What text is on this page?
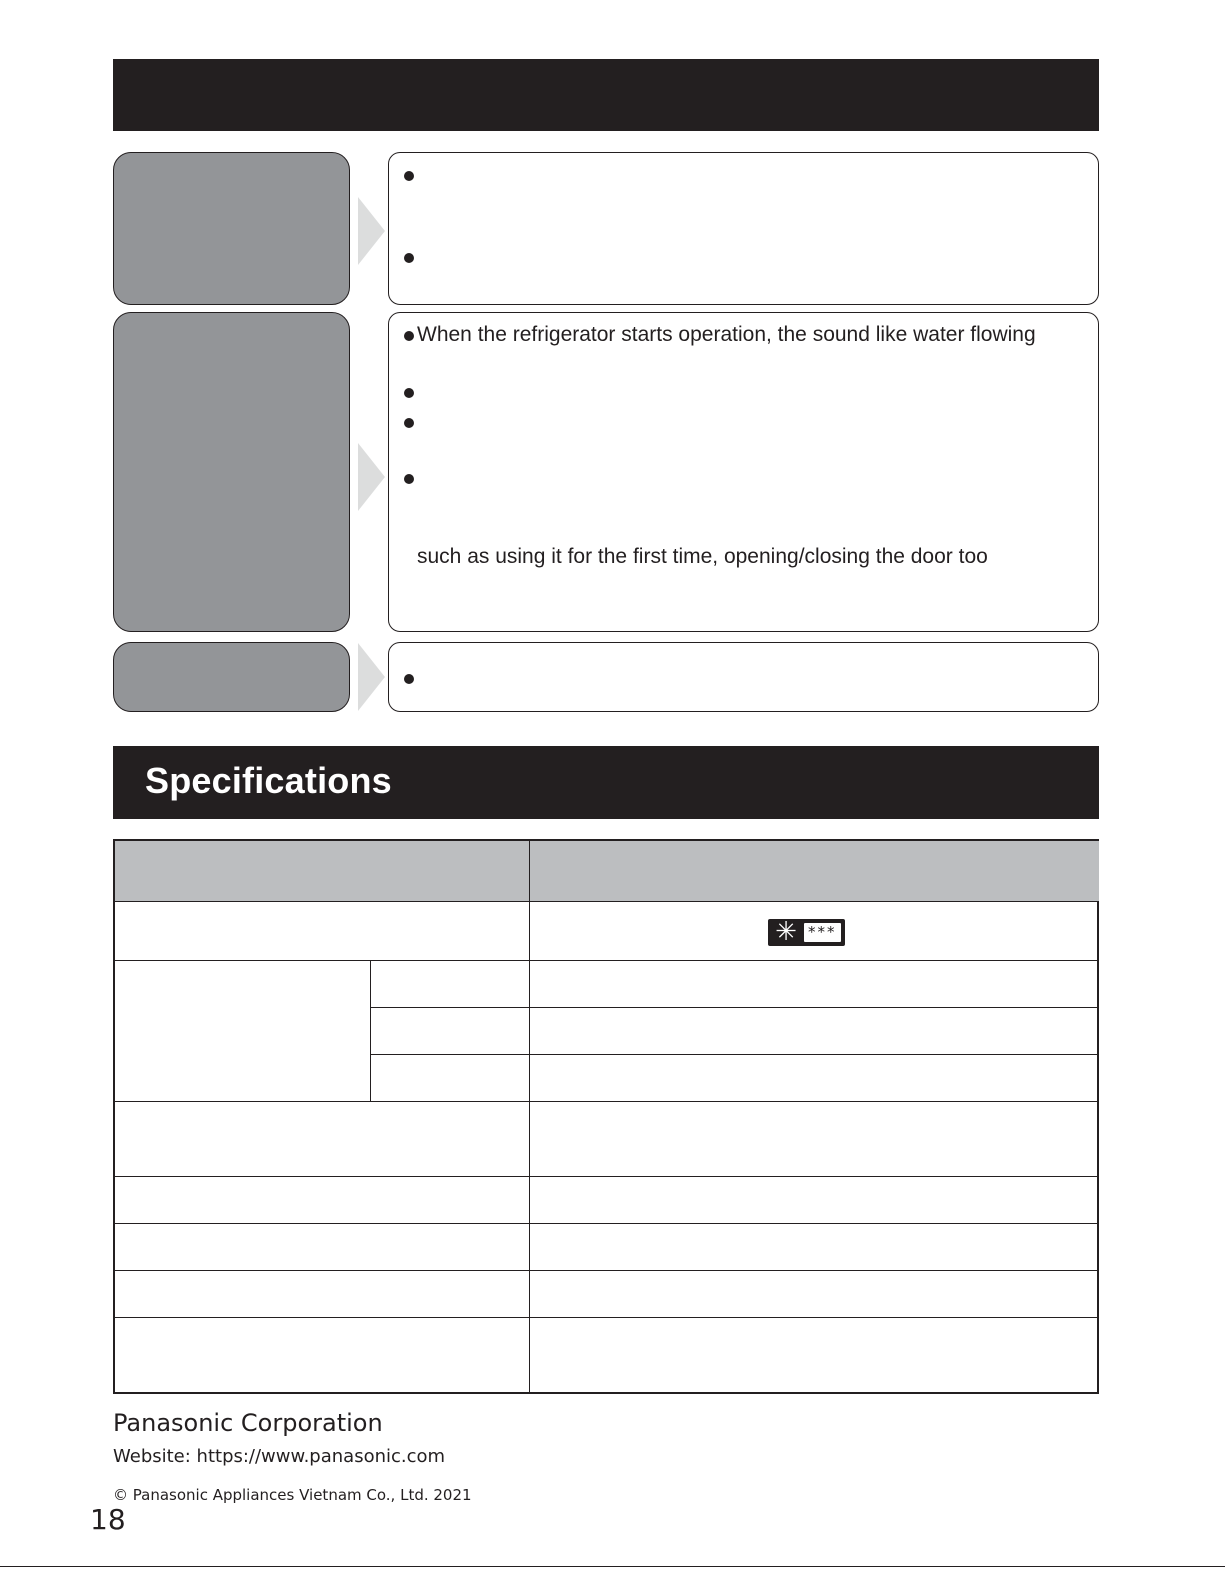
When the refrigerator starts operation, the sound like water flowing
such as using it for the first time, opening/closing the door too
Specifications
✳ ***
Panasonic Corporation
Website: https://www.panasonic.com
© Panasonic Appliances Vietnam Co., Ltd. 2021
18
